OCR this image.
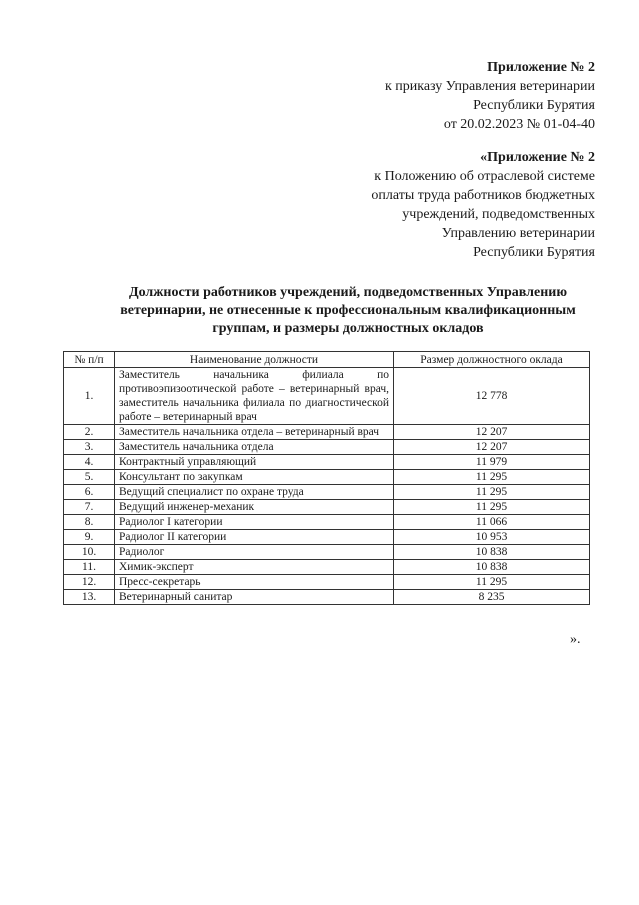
Приложение № 2
к приказу Управления ветеринарии
Республики Бурятия
от 20.02.2023 № 01-04-40
«Приложение № 2
к Положению об отраслевой системе
оплаты труда работников бюджетных
учреждений, подведомственных
Управлению ветеринарии
Республики Бурятия
Должности работников учреждений, подведомственных Управлению
ветеринарии, не отнесенные к профессиональным квалификационным
группам, и размеры должностных окладов
№ п/п	Наименование должности	Размер должностного оклада
1.	Заместитель начальника филиала по противоэпизоотической работе – ветеринарный врач, заместитель начальника филиала по диагностической работе – ветеринарный врач	12 778
2.	Заместитель начальника отдела – ветеринарный врач	12 207
3.	Заместитель начальника отдела	12 207
4.	Контрактный управляющий	11 979
5.	Консультант по закупкам	11 295
6.	Ведущий специалист по охране труда	11 295
7.	Ведущий инженер-механик	11 295
8.	Радиолог I категории	11 066
9.	Радиолог II категории	10 953
10.	Радиолог	10 838
11.	Химик-эксперт	10 838
12.	Пресс-секретарь	11 295
13.	Ветеринарный санитар	8 235
».
